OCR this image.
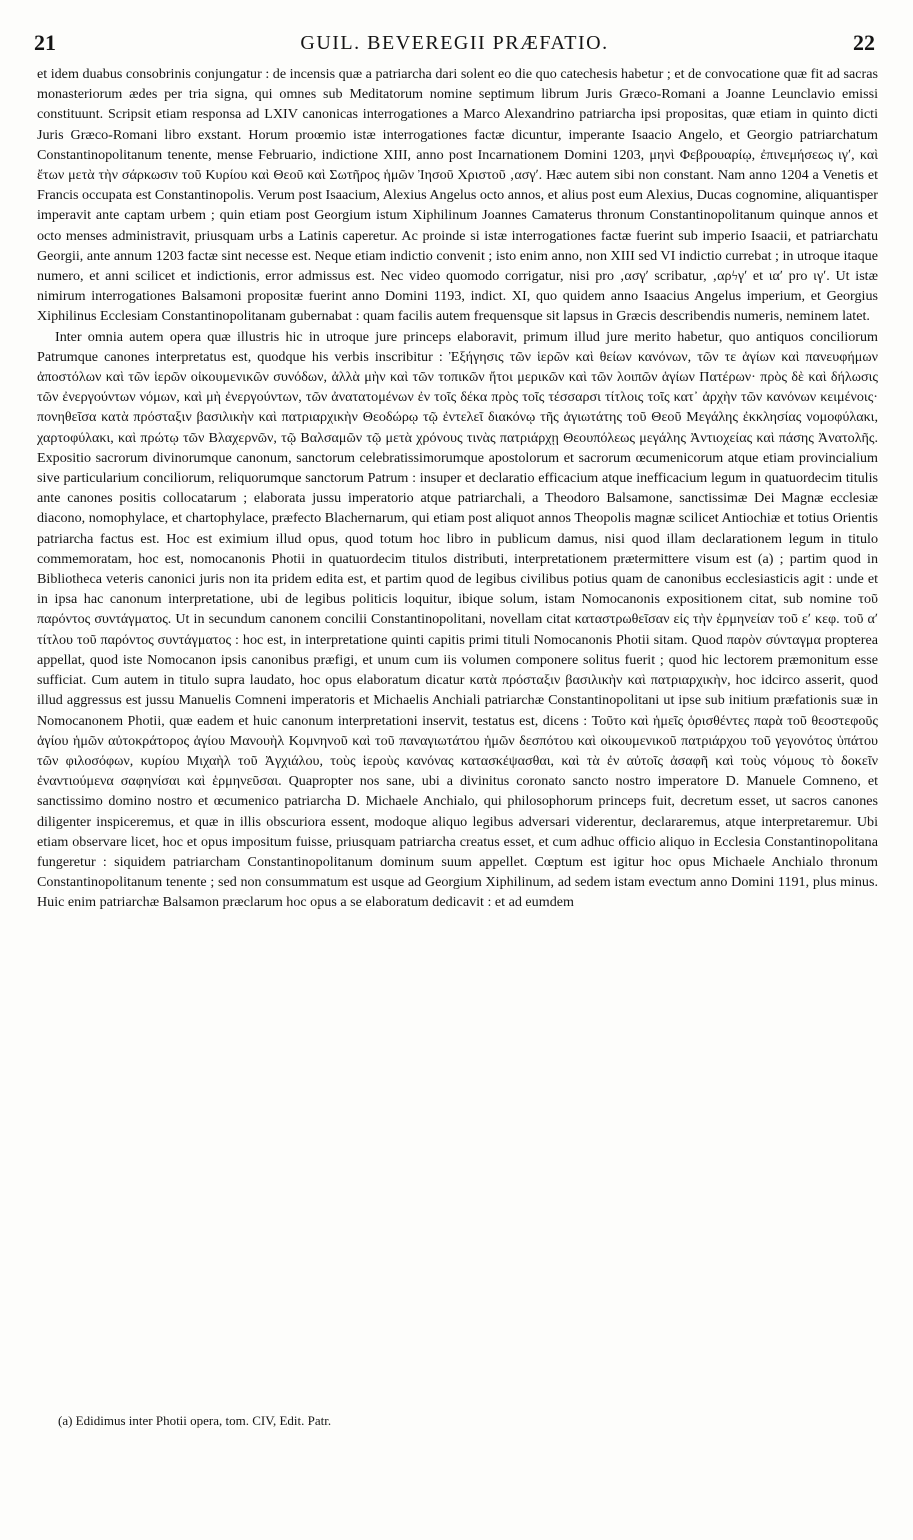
21	GUIL. BEVEREGII PRÆFATIO.	22

et idem duabus consobrinis conjungatur : de incensis quæ a patriarcha dari solent eo die quo catechesis habetur ; et de convocatione quæ fit ad sacras monasteriorum ædes per tria signa, qui omnes sub Meditatorum nomine septimum librum Juris Græco-Romani a Joanne Leunclavio emissi constituunt. Scripsit etiam responsa ad LXIV canonicas interrogationes a Marco Alexandrino patriarcha ipsi propositas, quæ etiam in quinto dicti Juris Græco-Romani libro exstant. Horum proœmio istæ interrogationes factæ dicuntur, imperante Isaacio Angelo, et Georgio patriarchatum Constantinopolitanum tenente, mense Februario, indictione XIII, anno post Incarnationem Domini 1203, μηνὶ Φεβρουαρίῳ, ἐπινεμήσεως ιγʹ, καὶ ἔτων μετὰ τὴν σάρκωσιν τοῦ Κυρίου καὶ Θεοῦ καὶ Σωτῆρος ἡμῶν Ἰησοῦ Χριστοῦ ‚ασγʹ. Hæc autem sibi non constant. Nam anno 1204 a Venetis et Francis occupata est Constantinopolis. Verum post Isaacium, Alexius Angelus octo annos, et alius post eum Alexius, Ducas cognomine, aliquantisper imperavit ante captam urbem ; quin etiam post Georgium istum Xiphilinum Joannes Camaterus thronum Constantinopolitanum quinque annos et octo menses administravit, priusquam urbs a Latinis caperetur. Ac proinde si istæ interrogationes factæ fuerint sub imperio Isaacii, et patriarchatu Georgii, ante annum 1203 factæ sint necesse est. Neque etiam indictio convenit ; isto enim anno, non XIII sed VI indictio currebat ; in utroque itaque numero, et anni scilicet et indictionis, error admissus est. Nec video quomodo corrigatur, nisi pro ‚ασγʹ scribatur, ‚αρϟγʹ et ιαʹ pro ιγʹ. Ut istæ nimirum interrogationes Balsamoni propositæ fuerint anno Domini 1193, indict. XI, quo quidem anno Isaacius Angelus imperium, et Georgius Xiphilinus Ecclesiam Constantinopolitanam gubernabat : quam facilis autem frequensque sit lapsus in Græcis describendis numeris, neminem latet.

Inter omnia autem opera quæ illustris hic in utroque jure princeps elaboravit, primum illud jure merito habetur, quo antiquos conciliorum Patrumque canones interpretatus est, quodque his verbis inscribitur : Ἐξήγησις τῶν ἱερῶν καὶ θείων κανόνων, τῶν τε ἁγίων καὶ πανευφήμων ἀποστόλων καὶ τῶν ἱερῶν οἰκουμενικῶν συνόδων, ἀλλὰ μὴν καὶ τῶν τοπικῶν ἤτοι μερικῶν καὶ τῶν λοιπῶν ἁγίων Πατέρων· πρὸς δὲ καὶ δήλωσις τῶν ἐνεργούντων νόμων, καὶ μὴ ἐνεργούντων, τῶν ἀνατατομένων ἐν τοῖς δέκα πρὸς τοῖς τέσσαρσι τίτλοις τοῖς κατ᾽ ἀρχὴν τῶν κανόνων κειμένοις· πονηθεῖσα κατὰ πρόσταξιν βασιλικὴν καὶ πατριαρχικὴν Θεοδώρῳ τῷ ἐντελεῖ διακόνῳ τῆς ἁγιωτάτης τοῦ Θεοῦ Μεγάλης ἐκκλησίας νομοφύλακι, χαρτοφύλακι, καὶ πρώτῳ τῶν Βλαχερνῶν, τῷ Βαλσαμῶν τῷ μετὰ χρόνους τινὰς πατριάρχῃ Θεουπόλεως μεγάλης Ἀντιοχείας καὶ πάσης Ἀνατολῆς. Expositio sacrorum divinorumque canonum, sanctorum celebratissimorumque apostolorum et sacrorum œcumenicorum atque etiam provincialium sive particularium conciliorum, reliquorumque sanctorum Patrum : insuper et declaratio efficacium atque inefficacium legum in quatuordecim titulis ante canones positis collocatarum ; elaborata jussu imperatorio atque patriarchali, a Theodoro Balsamone, sanctissimæ Dei Magnæ ecclesiæ diacono, nomophylace, et chartophylace, præfecto Blachernarum, qui etiam post aliquot annos Theopolis magnæ scilicet Antiochiæ et totius Orientis patriarcha factus est. Hoc est eximium illud opus, quod totum hoc libro in publicum damus, nisi quod illam declarationem legum in titulo commemoratam, hoc est, nomocanonis Photii in quatuordecim titulos distributi, interpretationem prætermittere visum est (a) ; partim quod in Bibliotheca veteris canonici juris non ita pridem edita est, et partim quod de legibus civilibus potius quam de canonibus ecclesiasticis agit : unde et in ipsa hac canonum interpretatione, ubi de legibus politicis loquitur, ibique solum, istam Nomocanonis expositionem citat, sub nomine τοῦ παρόντος συντάγματος. Ut in secundum canonem concilii Constantinopolitani, novellam citat καταστρωθεῖσαν εἰς τὴν ἑρμηνείαν τοῦ εʹ κεφ. τοῦ αʹ τίτλου τοῦ παρόντος συντάγματος : hoc est, in interpretatione quinti capitis primi tituli Nomocanonis Photii sitam. Quod παρὸν σύνταγμα propterea appellat, quod iste Nomocanon ipsis canonibus præfigi, et unum cum iis volumen componere solitus fuerit ; quod hic lectorem præmonitum esse sufficiat. Cum autem in titulo supra laudato, hoc opus elaboratum dicatur κατὰ πρόσταξιν βασιλικὴν καὶ πατριαρχικὴν, hoc idcirco asserit, quod illud aggressus est jussu Manuelis Comneni imperatoris et Michaelis Anchiali patriarchæ Constantinopolitani ut ipse sub initium præfationis suæ in Nomocanonem Photii, quæ eadem et huic canonum interpretationi inservit, testatus est, dicens : Τοῦτο καὶ ἡμεῖς ὁρισθέντες παρὰ τοῦ θεοστεφοῦς ἁγίου ἡμῶν αὐτοκράτορος ἁγίου Μανουὴλ Κομνηνοῦ καὶ τοῦ παναγιωτάτου ἡμῶν δεσπότου καὶ οἰκουμενικοῦ πατριάρχου τοῦ γεγονότος ὑπάτου τῶν φιλοσόφων, κυρίου Μιχαὴλ τοῦ Ἀγχιάλου, τοὺς ἱεροὺς κανόνας κατασκέψασθαι, καὶ τὰ ἐν αὐτοῖς ἀσαφῆ καὶ τοὺς νόμους τὸ δοκεῖν ἐναντιούμενα σαφηνίσαι καὶ ἑρμηνεῦσαι. Quapropter nos sane, ubi a divinitus coronato sancto nostro imperatore D. Manuele Comneno, et sanctissimo domino nostro et œcumenico patriarcha D. Michaele Anchialo, qui philosophorum princeps fuit, decretum esset, ut sacros canones diligenter inspiceremus, et quæ in illis obscuriora essent, modoque aliquo legibus adversari viderentur, declararemus, atque interpretaremur. Ubi etiam observare licet, hoc et opus impositum fuisse, priusquam patriarcha creatus esset, et cum adhuc officio aliquo in Ecclesia Constantinopolitana fungeretur : siquidem patriarcham Constantinopolitanum dominum suum appellet. Cœptum est igitur hoc opus Michaele Anchialo thronum Constantinopolitanum tenente ; sed non consummatum est usque ad Georgium Xiphilinum, ad sedem istam evectum anno Domini 1191, plus minus. Huic enim patriarchæ Balsamon præclarum hoc opus a se elaboratum dedicavit : et ad eumdem

(a) Edidimus inter Photii opera, tom. CIV, Edit. Patr.
